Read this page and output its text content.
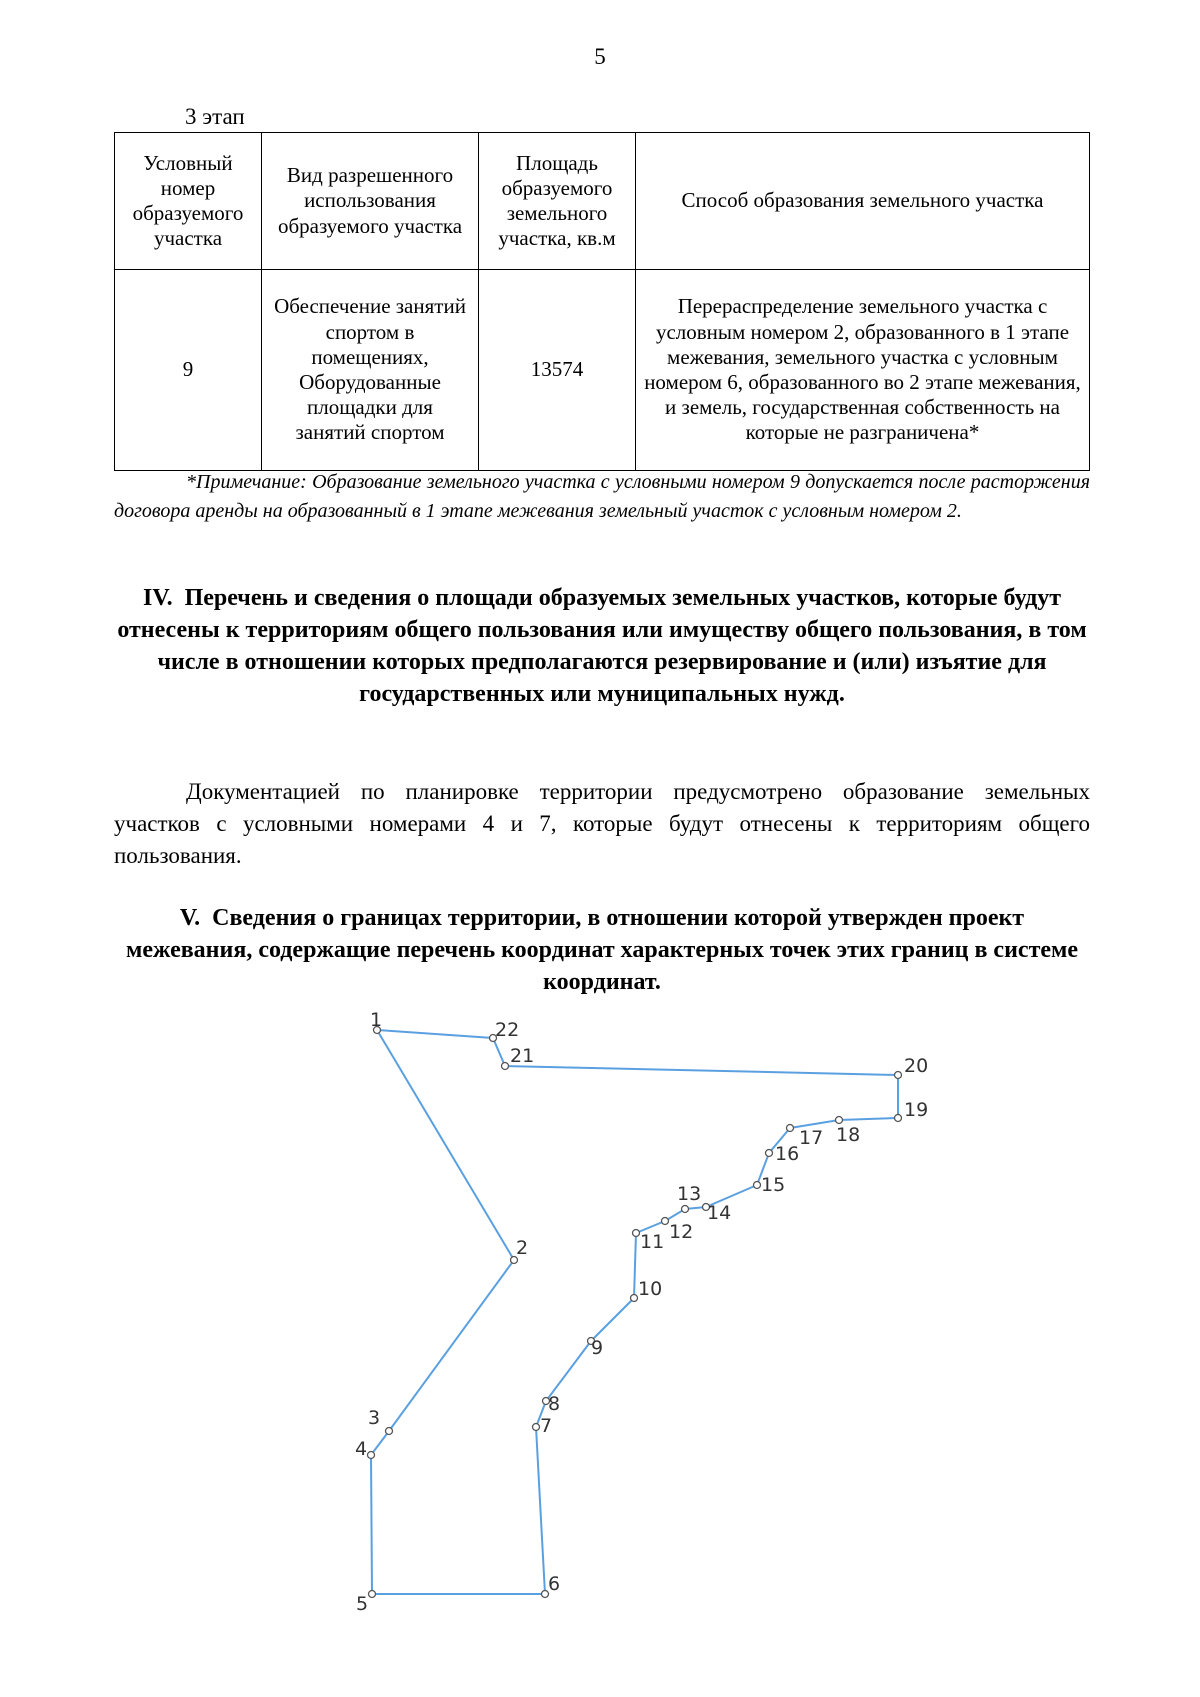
5
3 этап
Условный номер образуемого участка	Вид разрешенного использования образуемого участка	Площадь образуемого земельного участка, кв.м	Способ образования земельного участка
9	Обеспечение занятий спортом в помещениях, Оборудованные площадки для занятий спортом	13574	Перераспределение земельного участка с условным номером 2, образованного в 1 этапе межевания, земельного участка с условным номером 6, образованного во 2 этапе межевания, и земель, государственная собственность на которые не разграничена*
*Примечание: Образование земельного участка с условными номером 9 допускается после расторжения договора аренды на образованный в 1 этапе межевания земельный участок с условным номером 2.
IV. Перечень и сведения о площади образуемых земельных участков, которые будут отнесены к территориям общего пользования или имуществу общего пользования, в том числе в отношении которых предполагаются резервирование и (или) изъятие для государственных или муниципальных нужд.
Документацией по планировке территории предусмотрено образование земельных участков с условными номерами 4 и 7, которые будут отнесены к территориям общего пользования.
V. Сведения о границах территории, в отношении которой утвержден проект межевания, содержащие перечень координат характерных точек этих границ в системе координат.
1
2
3
4
5
6
7
8
9
10
11 12
13
14
15
16
17 18
19
20
21
22
